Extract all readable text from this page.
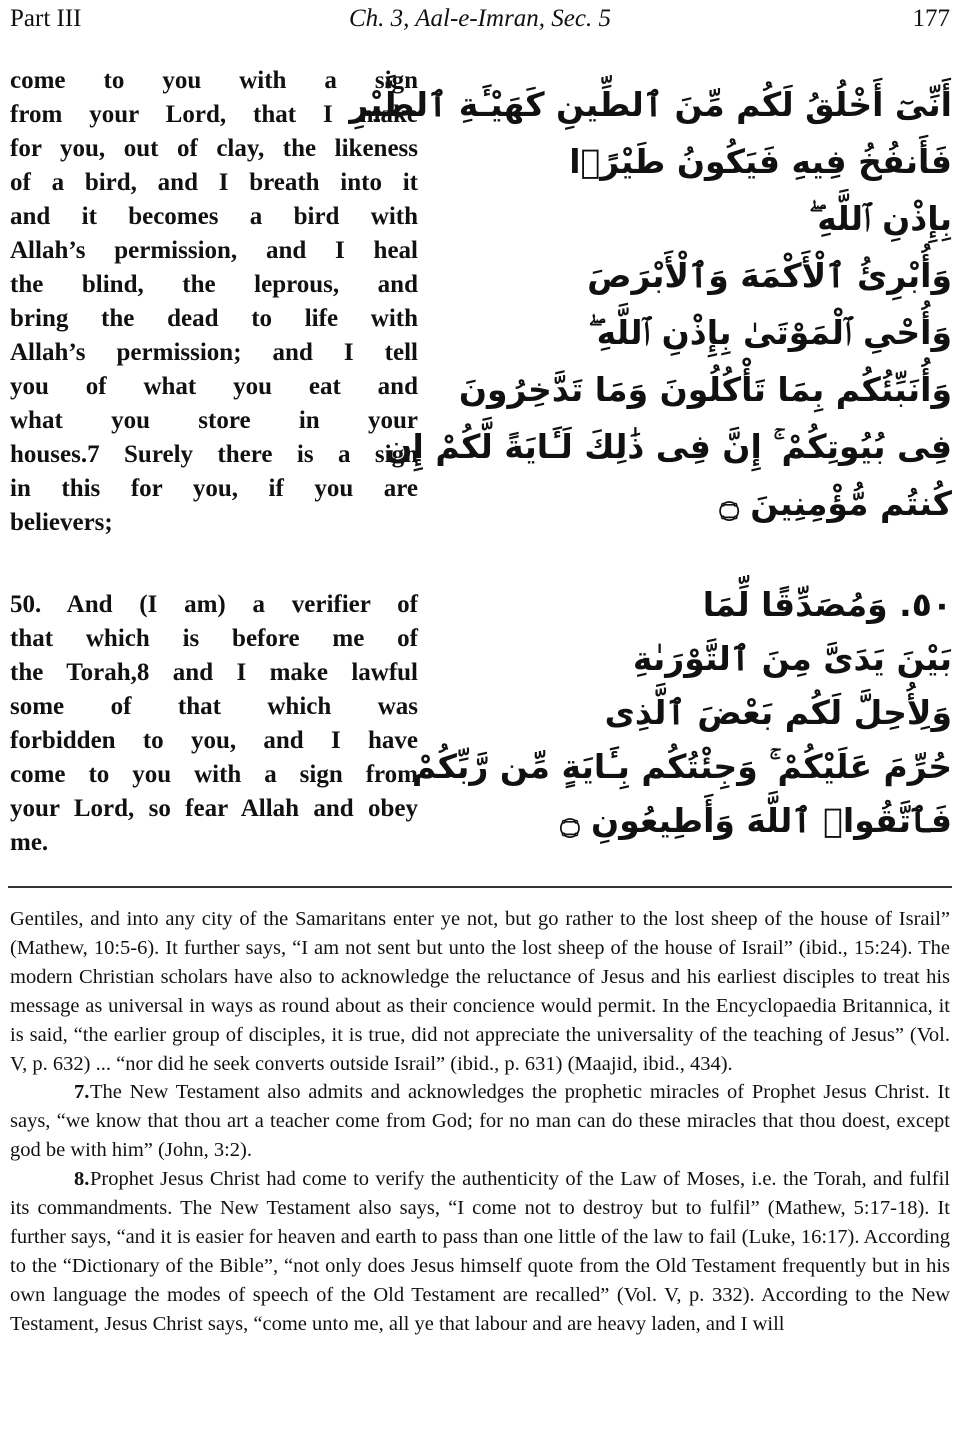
Part III	Ch. 3, Aal-e-Imran, Sec. 5	177
come to you with a sign
from your Lord, that I make
for you, out of clay, the likeness
of a bird, and I breath into it
and it becomes a bird with
Allah’s permission, and I heal
the blind, the leprous, and
bring the dead to life with
Allah’s permission; and I tell
you of what you eat and
what you store in your
houses.7 Surely there is a sign
in this for you, if you are
believers;
أَنِّىٓ أَخْلُقُ لَكُم مِّنَ ٱلطِّينِ كَهَيْـَٔةِ ٱلطَّيْرِ
فَأَنفُخُ فِيهِ فَيَكُونُ طَيْرًۢا
بِإِذْنِ ٱللَّهِ ۖ
وَأُبْرِئُ ٱلْأَكْمَهَ وَٱلْأَبْرَصَ
وَأُحْىِ ٱلْمَوْتَىٰ بِإِذْنِ ٱللَّهِ ۖ
وَأُنَبِّئُكُم بِمَا تَأْكُلُونَ وَمَا تَدَّخِرُونَ
فِى بُيُوتِكُمْ ۚ إِنَّ فِى ذَٰلِكَ لَـَٔايَةً لَّكُمْ إِن
كُنتُم مُّؤْمِنِينَ ۝
50. And (I am) a verifier of
that which is before me of
the Torah,8 and I make lawful
some of that which was
forbidden to you, and I have
come to you with a sign from
your Lord, so fear Allah and obey
me.
٥٠. وَمُصَدِّقًا لِّمَا
بَيْنَ يَدَىَّ مِنَ ٱلتَّوْرَىٰةِ
وَلِأُحِلَّ لَكُم بَعْضَ ٱلَّذِى
حُرِّمَ عَلَيْكُمْ ۚ وَجِئْتُكُم بِـَٔايَةٍ مِّن رَّبِّكُمْ
فَٱتَّقُوا۟ ٱللَّهَ وَأَطِيعُونِ ۝

Gentiles, and into any city of the Samaritans enter ye not, but go rather to the lost sheep of the house of Israil” (Mathew, 10:5-6). It further says, “I am not sent but unto the lost sheep of the house of Israil” (ibid., 15:24). The modern Christian scholars have also to acknowledge the reluctance of Jesus and his earliest disciples to treat his message as universal in ways as round about as their concience would permit. In the Encyclopaedia Britannica, it is said, “the earlier group of disciples, it is true, did not appreciate the universality of the teaching of Jesus” (Vol. V, p. 632) ... “nor did he seek converts outside Israil” (ibid., p. 631) (Maajid, ibid., 434).

7.The New Testament also admits and acknowledges the prophetic miracles of Prophet Jesus Christ. It says, “we know that thou art a teacher come from God; for no man can do these miracles that thou doest, except god be with him” (John, 3:2).

8.Prophet Jesus Christ had come to verify the authenticity of the Law of Moses, i.e. the Torah, and fulfil its commandments. The New Testament also says, “I come not to destroy but to fulfil” (Mathew, 5:17-18). It further says, “and it is easier for heaven and earth to pass than one little of the law to fail (Luke, 16:17). According to the “Dictionary of the Bible”, “not only does Jesus himself quote from the Old Testament frequently but in his own language the modes of speech of the Old Testament are recalled” (Vol. V, p. 332). According to the New Testament, Jesus Christ says, “come unto me, all ye that labour and are heavy laden, and I will
